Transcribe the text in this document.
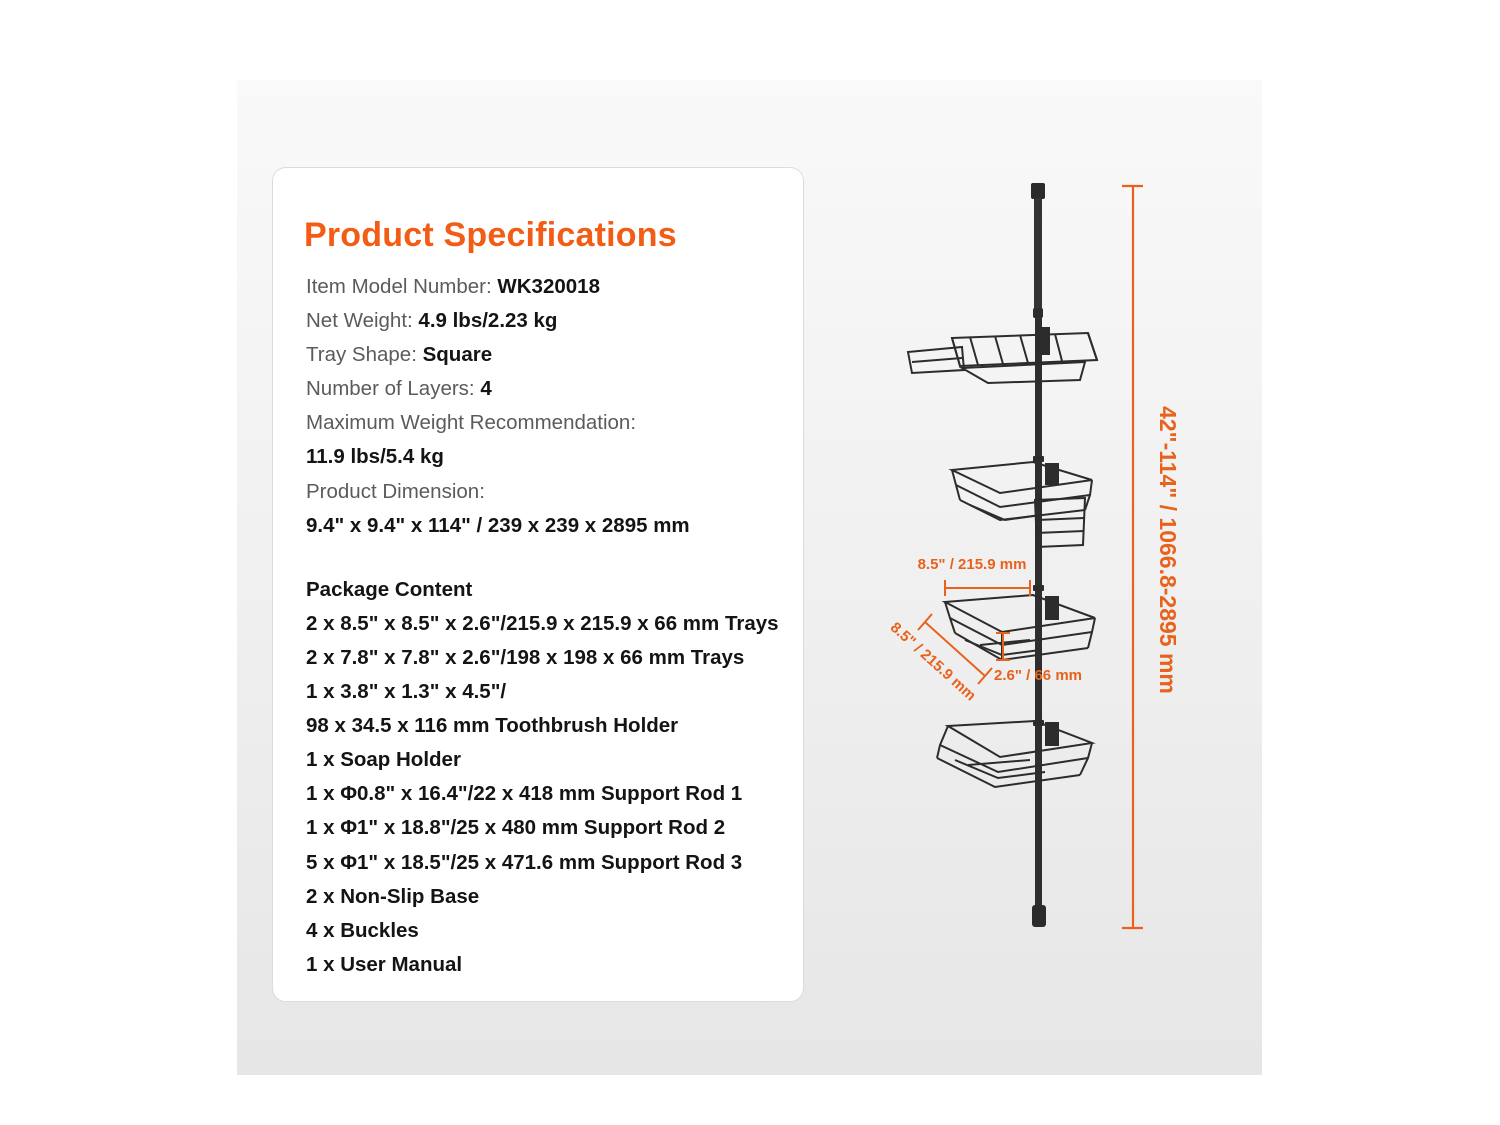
Product Specifications
Item Model Number: WK320018
Net Weight: 4.9 lbs/2.23 kg
Tray Shape: Square
Number of Layers: 4
Maximum Weight Recommendation:
11.9 lbs/5.4 kg
Product Dimension:
9.4" x 9.4" x 114" / 239 x 239 x 2895 mm
Package Content
2 x 8.5" x 8.5" x 2.6"/215.9 x 215.9 x 66 mm Trays
2 x 7.8" x 7.8" x 2.6"/198 x 198 x 66 mm Trays
1 x 3.8" x 1.3" x 4.5"/
98 x 34.5 x 116 mm Toothbrush Holder
1 x Soap Holder
1 x Φ0.8" x 16.4"/22 x 418 mm Support Rod 1
1 x Φ1" x 18.8"/25 x 480 mm Support Rod 2
5 x Φ1" x 18.5"/25 x 471.6 mm Support Rod 3
2 x Non-Slip Base
4 x Buckles
1 x User Manual
42"-114" / 1066.8-2895 mm
8.5" / 215.9 mm
8.5" / 215.9 mm 2.6" / 66 mm
